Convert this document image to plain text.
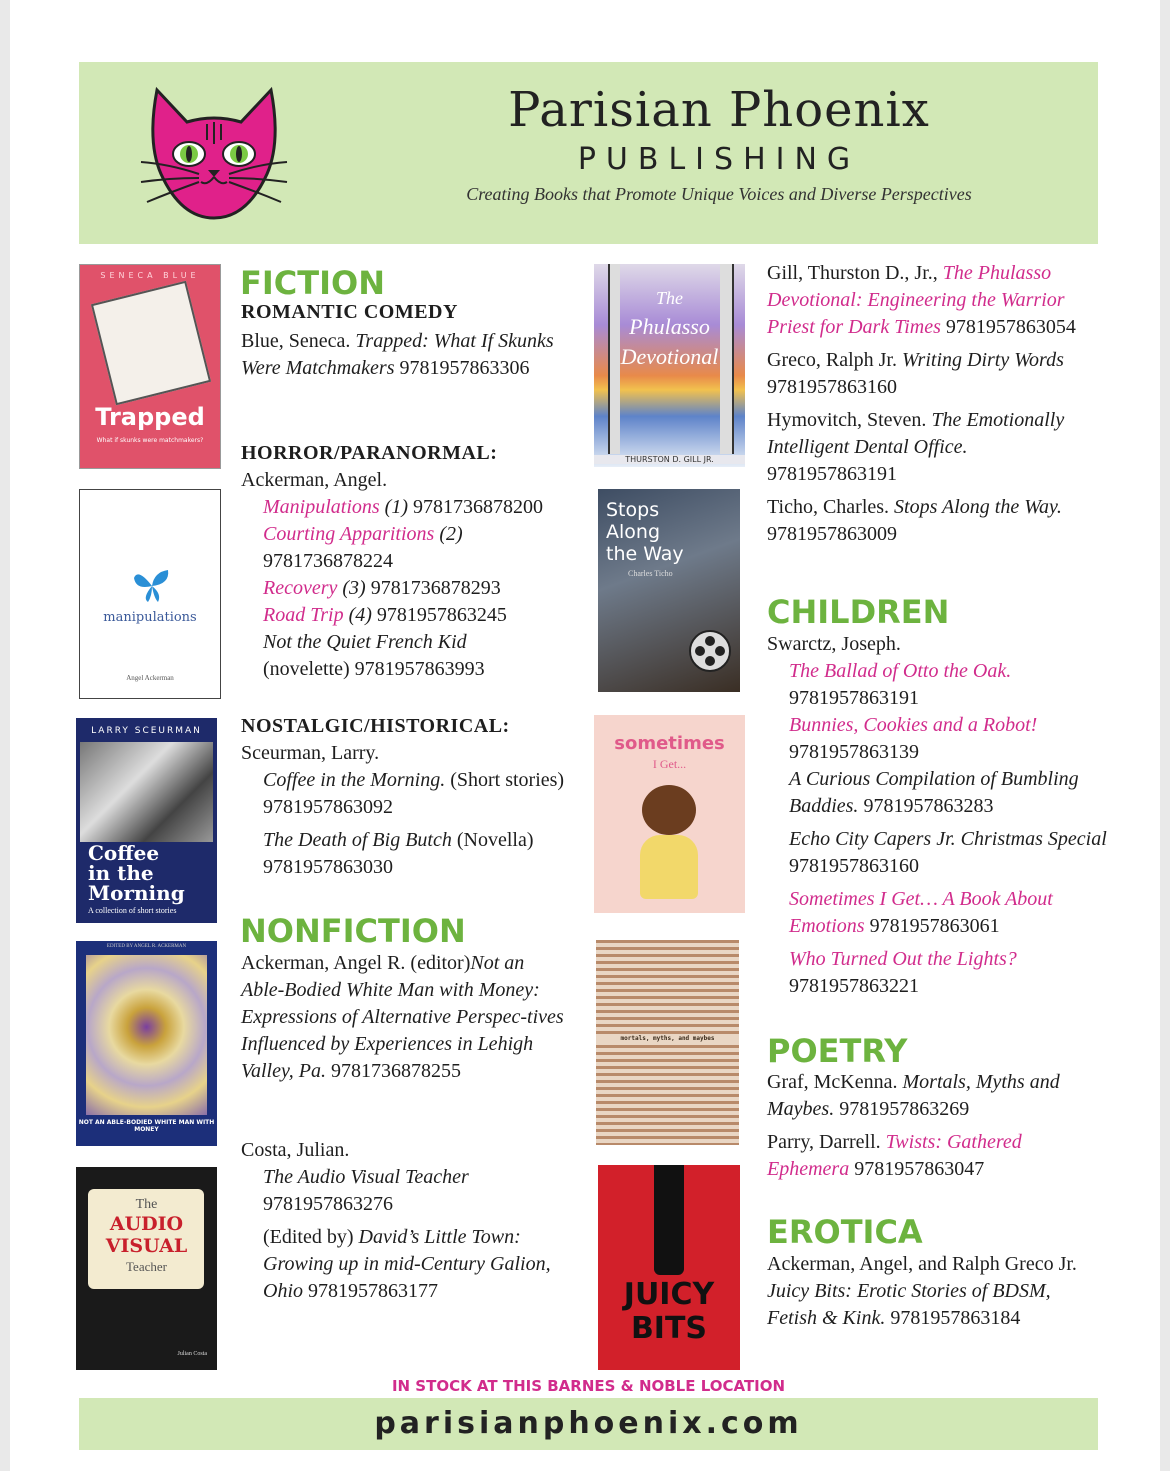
Parisian Phoenix
PUBLISHING
Creating Books that Promote Unique Voices and Diverse Perspectives
SENECA BLUE
Trapped
What if skunks were matchmakers?
manipulations
Angel Ackerman
LARRY SCEURMAN
Coffee
in the
Morning
A collection of short stories
EDITED BY ANGEL R. ACKERMAN
NOT AN ABLE-BODIED WHITE MAN WITH MONEY
The
AUDIO
VISUAL
Teacher
Julian Costa
The
Phulasso
Devotional
THURSTON D. GILL JR.
Stops
Along
the Way
Charles Ticho
sometimes
I Get...
mortals, myths, and maybes
JUICY
BITS
FICTION
ROMANTIC COMEDY

Blue, Seneca. Trapped: What If Skunks Were Matchmakers 9781957863306

HORROR/PARANORMAL:

Ackerman, Angel.

Manipulations (1) 9781736878200

Courting Apparitions (2)
9781736878224

Recovery (3) 9781736878293

Road Trip (4) 9781957863245

Not the Quiet French Kid
(novelette) 9781957863993

NOSTALGIC/HISTORICAL:

Sceurman, Larry.

Coffee in the Morning. (Short stories) 9781957863092

The Death of Big Butch (Novella)
9781957863030

NONFICTION

Ackerman, Angel R. (editor)Not an Able-Bodied White Man with Money: Expressions of Alternative Perspec-tives Influenced by Experiences in Lehigh Valley, Pa. 9781736878255

Costa, Julian.

The Audio Visual Teacher
9781957863276

(Edited by) David’s Little Town: Growing up in mid-Century Galion, Ohio 9781957863177

Gill, Thurston D., Jr., The Phulasso Devotional: Engineering the Warrior Priest for Dark Times 9781957863054

Greco, Ralph Jr. Writing Dirty Words
9781957863160

Hymovitch, Steven. The Emotionally Intelligent Dental Office.
9781957863191

Ticho, Charles. Stops Along the Way.
9781957863009

CHILDREN

Swarctz, Joseph.

The Ballad of Otto the Oak.
9781957863191

Bunnies, Cookies and a Robot!
9781957863139

A Curious Compilation of Bumbling Baddies. 9781957863283

Echo City Capers Jr. Christmas Special 9781957863160

Sometimes I Get… A Book About Emotions 9781957863061

Who Turned Out the Lights?
9781957863221

POETRY

Graf, McKenna. Mortals, Myths and Maybes. 9781957863269

Parry, Darrell. Twists: Gathered Ephemera 9781957863047

EROTICA

Ackerman, Angel, and Ralph Greco Jr. Juicy Bits: Erotic Stories of BDSM, Fetish & Kink. 9781957863184

IN STOCK AT THIS BARNES & NOBLE LOCATION
parisianphoenix.com
